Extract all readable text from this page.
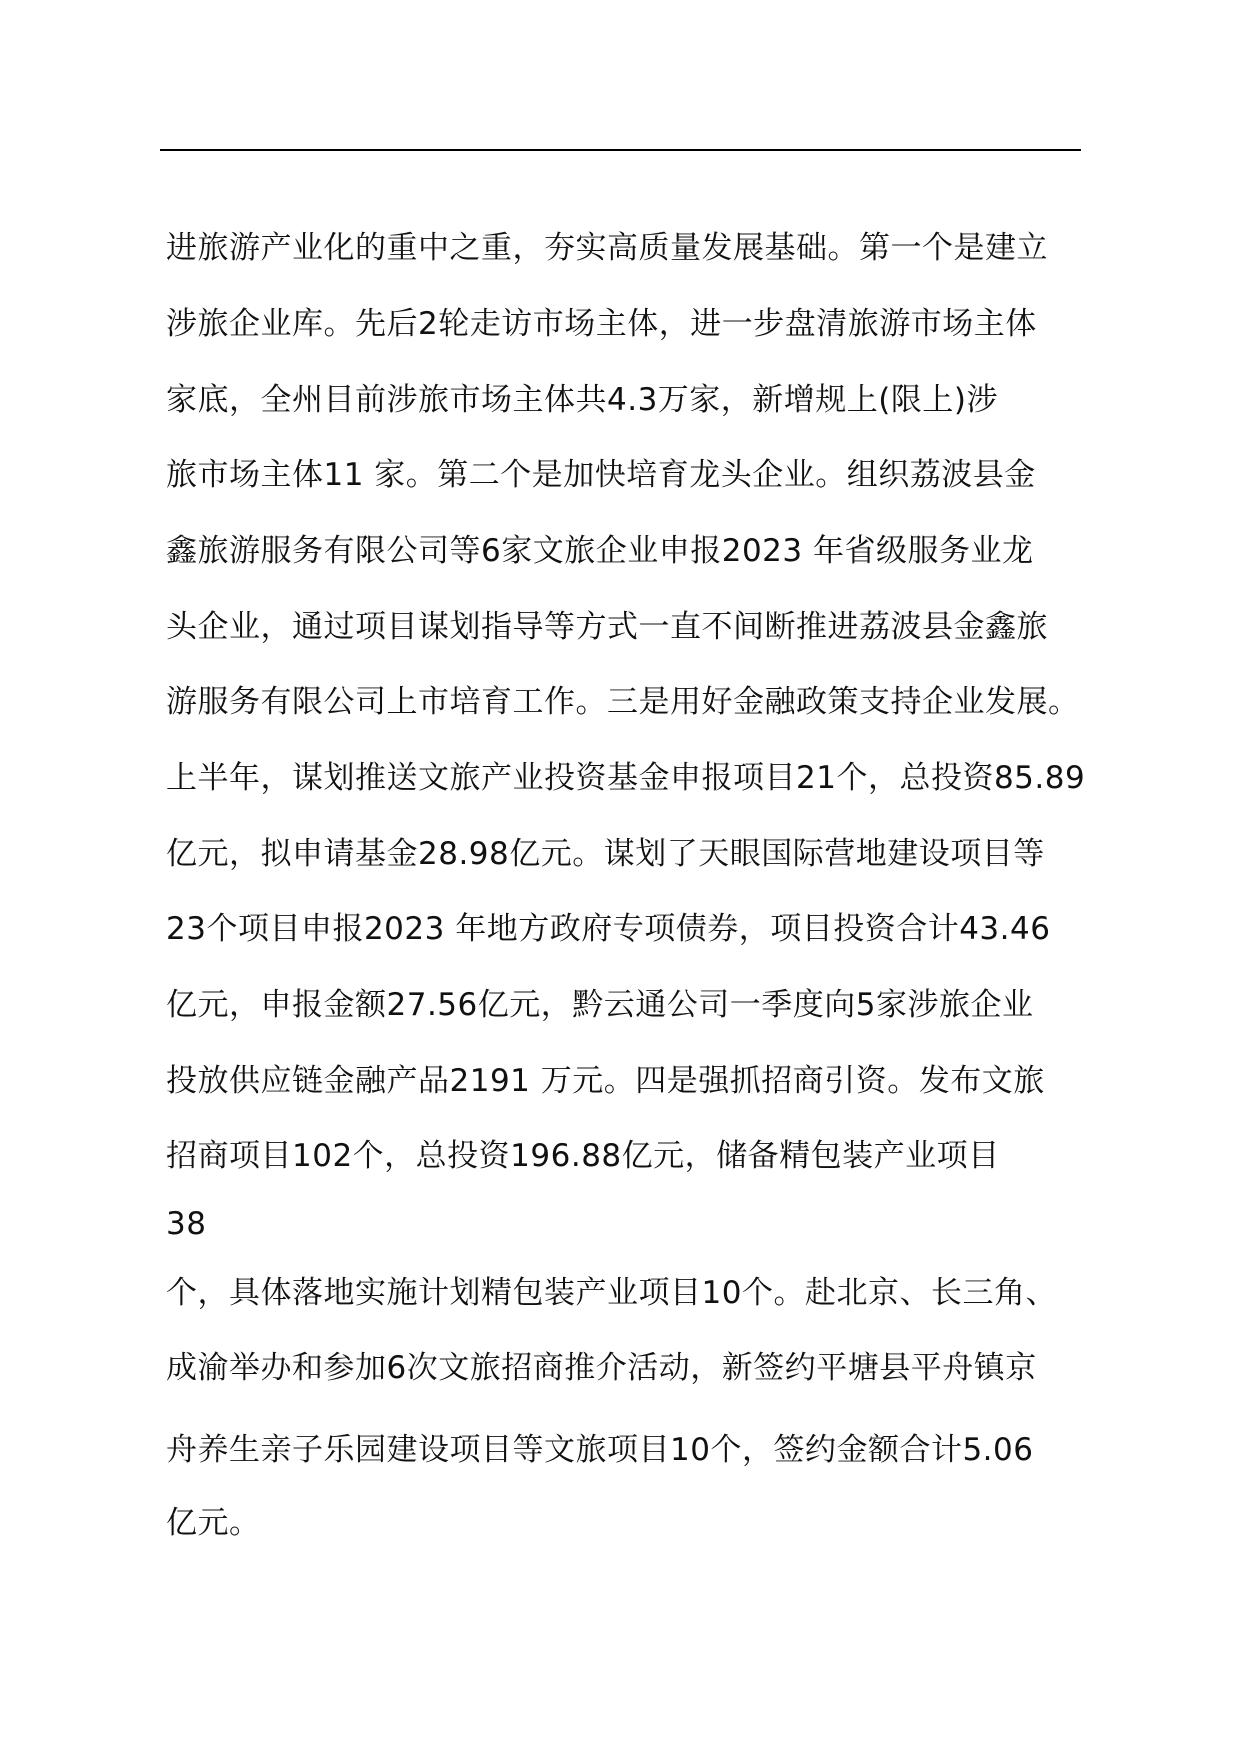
进旅游产业化的重中之重，夯实高质量发展基础。第一个是建立
涉旅企业库。先后2轮走访市场主体，进一步盘清旅游市场主体
家底，全州目前涉旅市场主体共4.3万家，新增规上(限上)涉
旅市场主体11 家。第二个是加快培育龙头企业。组织荔波县金
鑫旅游服务有限公司等6家文旅企业申报2023 年省级服务业龙
头企业，通过项目谋划指导等方式一直不间断推进荔波县金鑫旅
游服务有限公司上市培育工作。三是用好金融政策支持企业发展。
上半年，谋划推送文旅产业投资基金申报项目21个，总投资85.89
亿元，拟申请基金28.98亿元。谋划了天眼国际营地建设项目等
23个项目申报2023 年地方政府专项债券，项目投资合计43.46
亿元，申报金额27.56亿元，黔云通公司一季度向5家涉旅企业
投放供应链金融产品2191 万元。四是强抓招商引资。发布文旅
招商项目102个，总投资196.88亿元，储备精包装产业项目
38
个，具体落地实施计划精包装产业项目10个。赴北京、长三角、
成渝举办和参加6次文旅招商推介活动，新签约平塘县平舟镇京
舟养生亲子乐园建设项目等文旅项目10个，签约金额合计5.06
亿元。
